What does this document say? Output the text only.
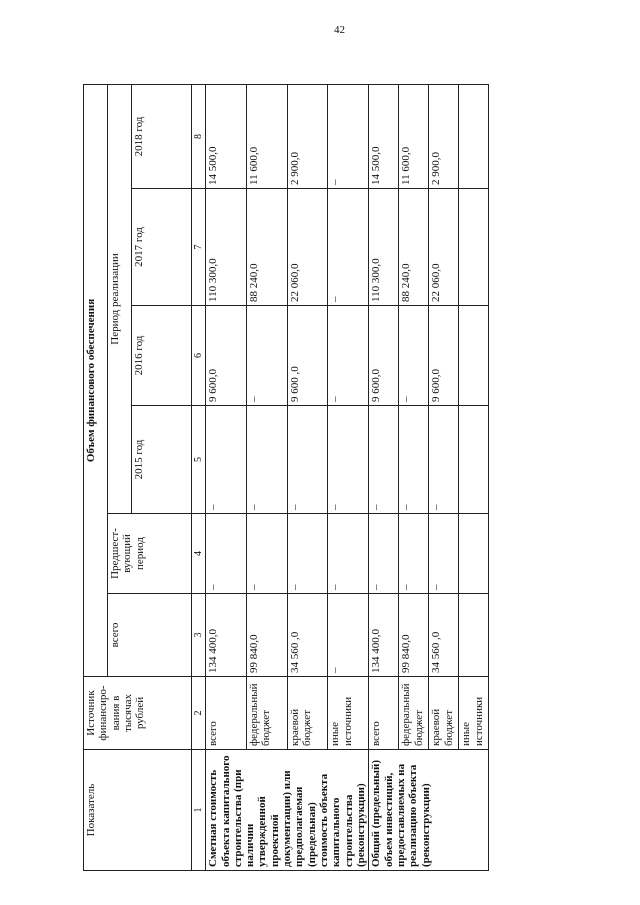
42
Показатель	Источник финансиро-вания в тысячах рублей	Объем финансового обеспечения					
		всего	Предшест-вующий период	Период реализации			
				2015 год	2016 год	2017 год	2018 год
1	2	3	4	5	6	7	8
Сметная стоимость объекта капитального строительства (при наличии утвержденной проектной документации) или предполагаемая (предельная) стоимость объекта капитального строительства (реконструкции)	всего	134 400,0	–	–	9 600,0	110 300,0	14 500,0
	федеральный бюджет	99 840,0	–	–	–	88 240,0	11 600,0
	краевой бюджет	34 560 ,0	–	–	9 600 ,0	22 060,0	2 900,0
	иные источники	–	–	–	–	–	–
Общий (предельный) объем инвестиций, предоставляемых на реализацию объекта (реконструкции)	всего	134 400,0	–	–	9 600,0	110 300,0	14 500,0
	федеральный бюджет	99 840,0	–	–	–	88 240,0	11 600,0
	краевой бюджет	34 560 ,0	–	–	9 600,0	22 060,0	2 900,0
	иные источники						
